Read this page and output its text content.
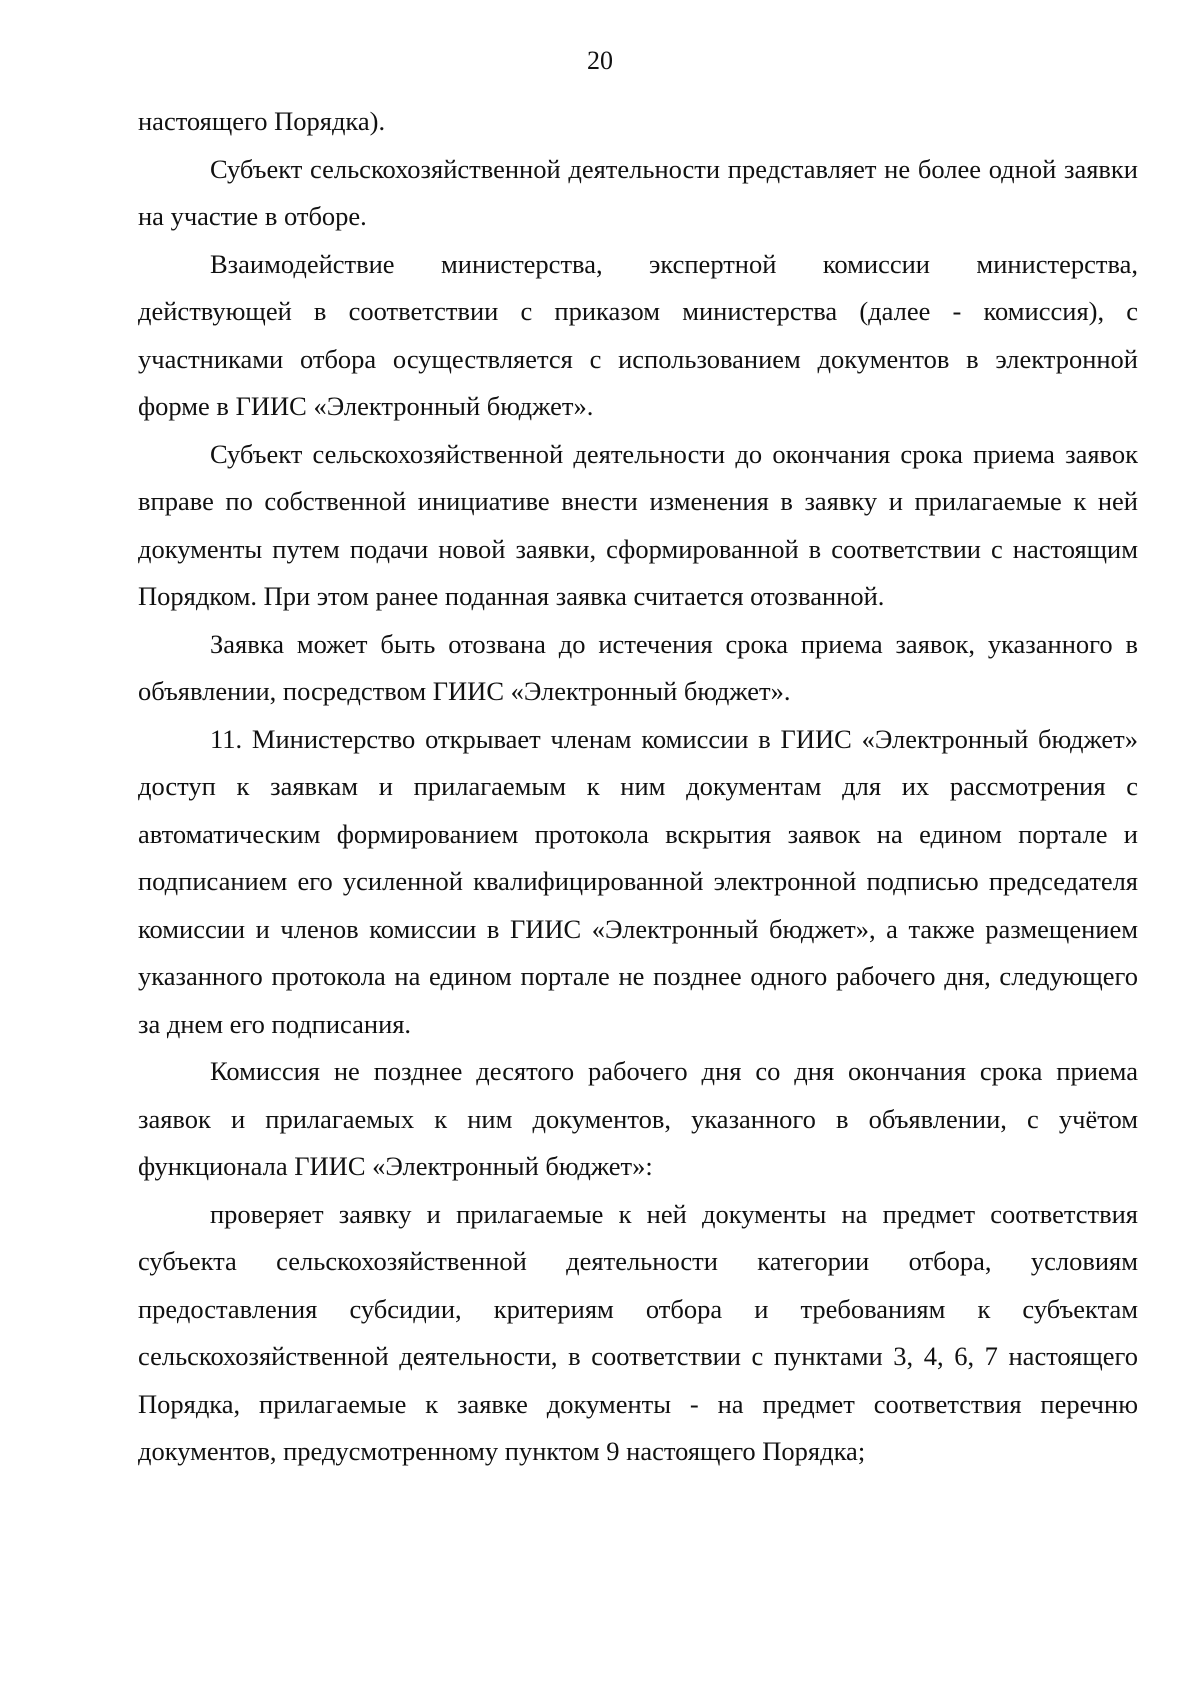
20

настоящего Порядка).

Субъект сельскохозяйственной деятельности представляет не более одной заявки на участие в отборе.

Взаимодействие министерства, экспертной комиссии министерства, действующей в соответствии с приказом министерства (далее - комиссия), с участниками отбора осуществляется с использованием документов в электронной форме в ГИИС «Электронный бюджет».

Субъект сельскохозяйственной деятельности до окончания срока приема заявок вправе по собственной инициативе внести изменения в заявку и прилагаемые к ней документы путем подачи новой заявки, сформированной в соответствии с настоящим Порядком. При этом ранее поданная заявка считается отозванной.

Заявка может быть отозвана до истечения срока приема заявок, указанного в объявлении, посредством ГИИС «Электронный бюджет».

11. Министерство открывает членам комиссии в ГИИС «Электронный бюджет» доступ к заявкам и прилагаемым к ним документам для их рассмотрения с автоматическим формированием протокола вскрытия заявок на едином портале и подписанием его усиленной квалифицированной электронной подписью председателя комиссии и членов комиссии в ГИИС «Электронный бюджет», а также размещением указанного протокола на едином портале не позднее одного рабочего дня, следующего за днем его подписания.

Комиссия не позднее десятого рабочего дня со дня окончания срока приема заявок и прилагаемых к ним документов, указанного в объявлении, с учётом функционала ГИИС «Электронный бюджет»:

проверяет заявку и прилагаемые к ней документы на предмет соответствия субъекта сельскохозяйственной деятельности категории отбора, условиям предоставления субсидии, критериям отбора и требованиям к субъектам сельскохозяйственной деятельности, в соответствии с пунктами 3, 4, 6, 7 настоящего Порядка, прилагаемые к заявке документы - на предмет соответствия перечню документов, предусмотренному пунктом 9 настоящего Порядка;
